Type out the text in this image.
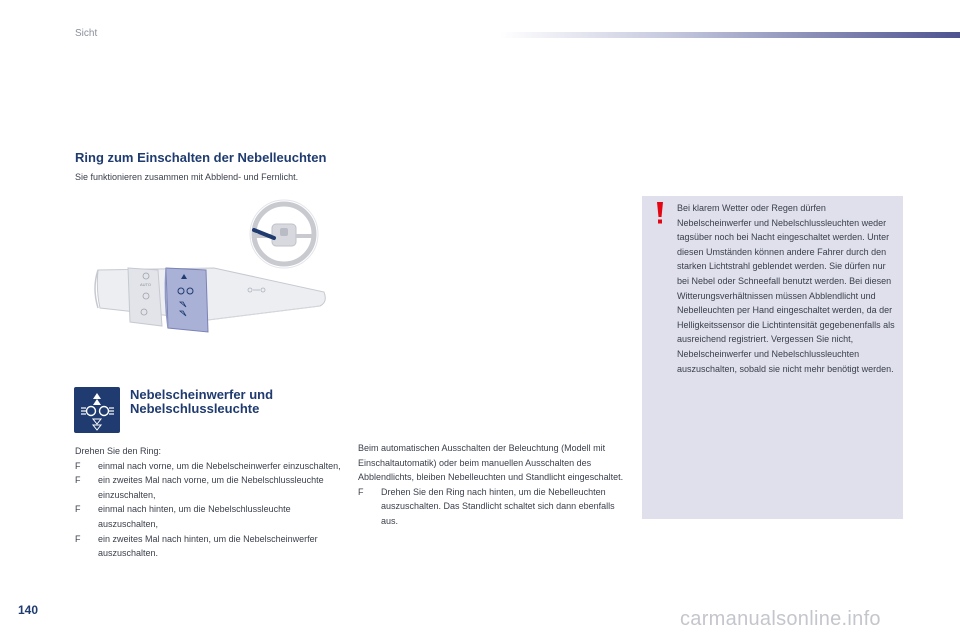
Sicht
Ring zum Einschalten der Nebelleuchten
Sie funktionieren zusammen mit Abblend- und Fernlicht.
AUTO
Nebelscheinwerfer und
Nebelschlussleuchte
Drehen Sie den Ring:
F einmal nach vorne, um die Nebelscheinwerfer einzuschalten,
F ein zweites Mal nach vorne, um die Nebelschlussleuchte einzuschalten,
F einmal nach hinten, um die Nebelschlussleuchte auszuschalten,
F ein zweites Mal nach hinten, um die Nebelscheinwerfer auszuschalten.
Beim automatischen Ausschalten der Beleuchtung (Modell mit Einschaltautomatik) oder beim manuellen Ausschalten des Abblendlichts, bleiben Nebelleuchten und Standlicht eingeschaltet.
F Drehen Sie den Ring nach hinten, um die Nebelleuchten auszuschalten. Das Standlicht schaltet sich dann ebenfalls aus.
Bei klarem Wetter oder Regen dürfen Nebelscheinwerfer und Nebelschlussleuchten weder tagsüber noch bei Nacht eingeschaltet werden. Unter diesen Umständen können andere Fahrer durch den starken Lichtstrahl geblendet werden. Sie dürfen nur bei Nebel oder Schneefall benutzt werden. Bei diesen Witterungsverhältnissen müssen Abblendlicht und Nebelleuchten per Hand eingeschaltet werden, da der Helligkeitssensor die Lichtintensität gegebenenfalls als ausreichend registriert. Vergessen Sie nicht, Nebelscheinwerfer und Nebelschlussleuchten auszuschalten, sobald sie nicht mehr benötigt werden.
140	carmanualsonline.info
